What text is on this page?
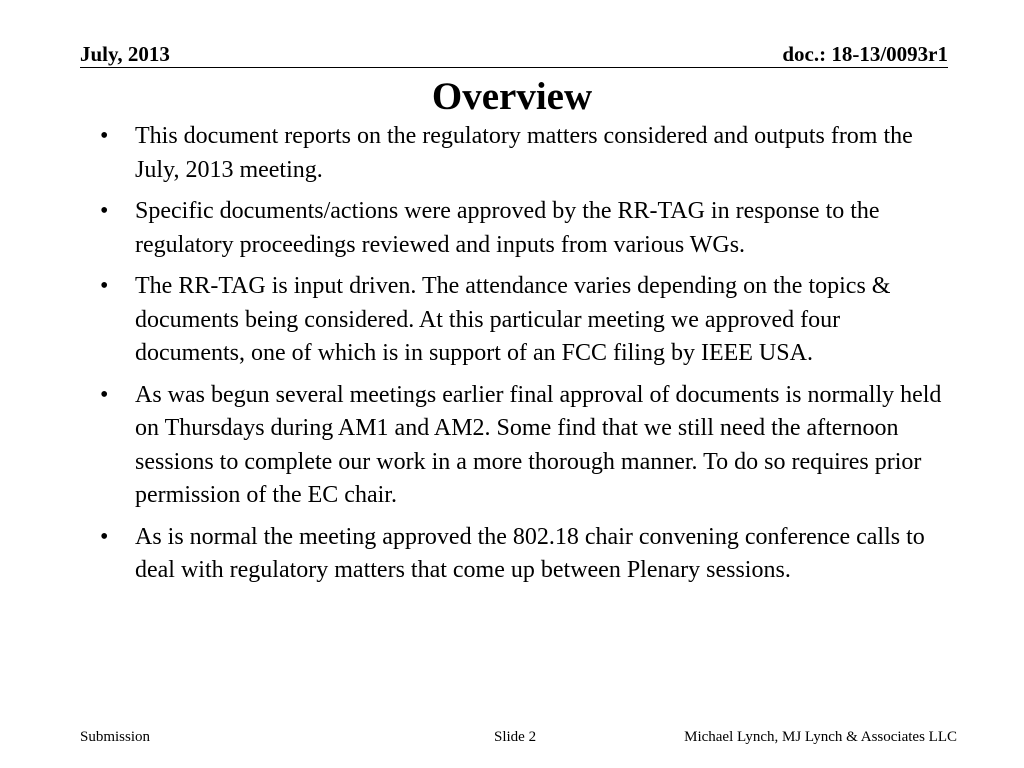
July, 2013	doc.: 18-13/0093r1
Overview
• This document reports on the regulatory matters considered and outputs from the July, 2013 meeting.
• Specific documents/actions were approved by the RR-TAG in response to the regulatory proceedings reviewed and inputs from various WGs.
• The RR-TAG is input driven. The attendance varies depending on the topics & documents being considered. At this particular meeting we approved four documents, one of which is in support of an FCC filing by IEEE USA.
• As was begun several meetings earlier final approval of documents is normally held on Thursdays during AM1 and AM2. Some find that we still need the afternoon sessions to complete our work in a more thorough manner. To do so requires prior permission of the EC chair.
• As is normal the meeting approved the 802.18 chair convening conference calls to deal with regulatory matters that come up between Plenary sessions.
Submission	Slide 2	Michael Lynch, MJ Lynch & Associates LLC
